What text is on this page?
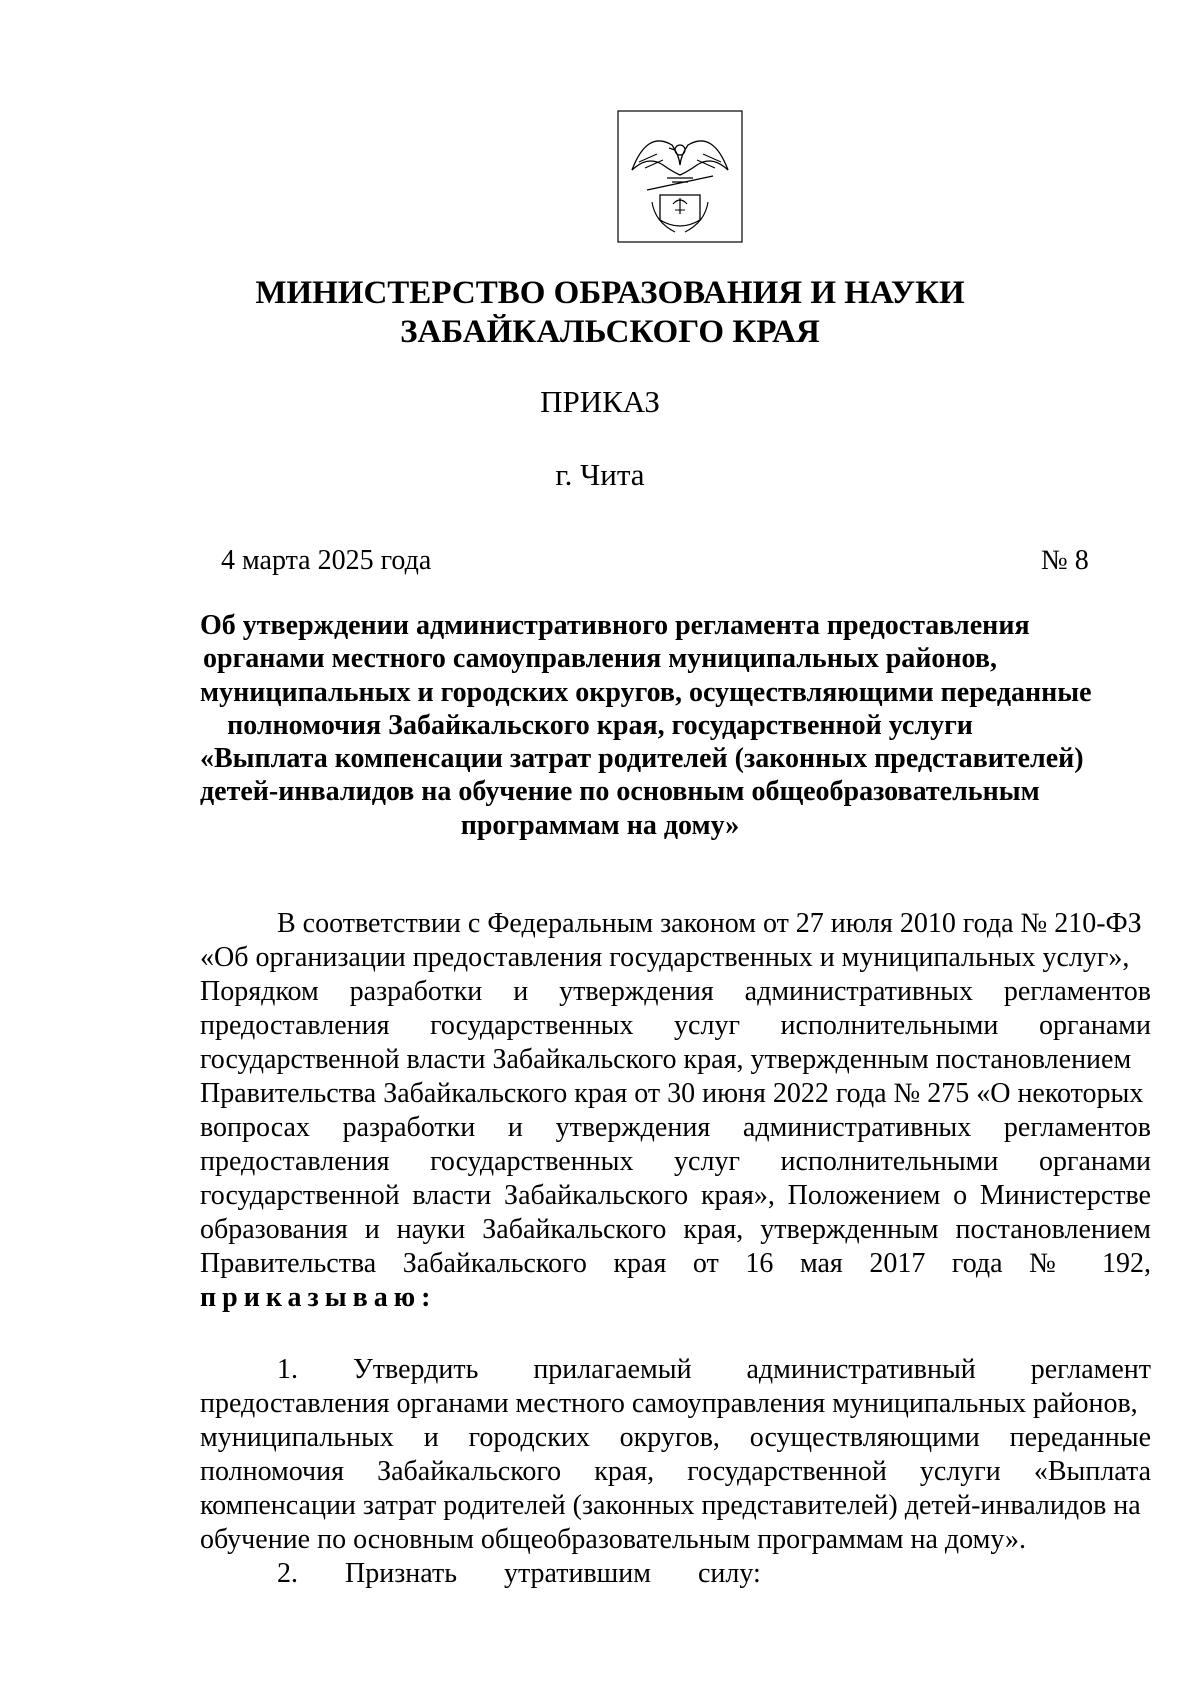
МИНИСТЕРСТВО ОБРАЗОВАНИЯ И НАУКИ
ЗАБАЙКАЛЬСКОГО КРАЯ
ПРИКАЗ
г. Чита
4 марта 2025 года	№ 8
Об утверждении административного регламента предоставления
органами местного самоуправления муниципальных районов,
муниципальных и городских округов, осуществляющими переданные
полномочия Забайкальского края, государственной услуги
«Выплата компенсации затрат родителей (законных представителей)
детей-инвалидов на обучение по основным общеобразовательным
программам на дому»
В соответствии с Федеральным законом от 27 июля 2010 года № 210-ФЗ
«Об организации предоставления государственных и муниципальных услуг»,
Порядком разработки и утверждения административных регламентов
предоставления государственных услуг исполнительными органами
государственной власти Забайкальского края, утвержденным постановлением
Правительства Забайкальского края от 30 июня 2022 года № 275 «О некоторых
вопросах разработки и утверждения административных регламентов
предоставления государственных услуг исполнительными органами
государственной власти Забайкальского края», Положением о Министерстве
образования и науки Забайкальского края, утвержденным постановлением
Правительства Забайкальского края от 16 мая 2017 года № 192,
приказываю:
1. Утвердить прилагаемый административный регламент
предоставления органами местного самоуправления муниципальных районов,
муниципальных и городских округов, осуществляющими переданные
полномочия Забайкальского края, государственной услуги «Выплата
компенсации затрат родителей (законных представителей) детей-инвалидов на
обучение по основным общеобразовательным программам на дому».
2. Признать утратившим силу:
